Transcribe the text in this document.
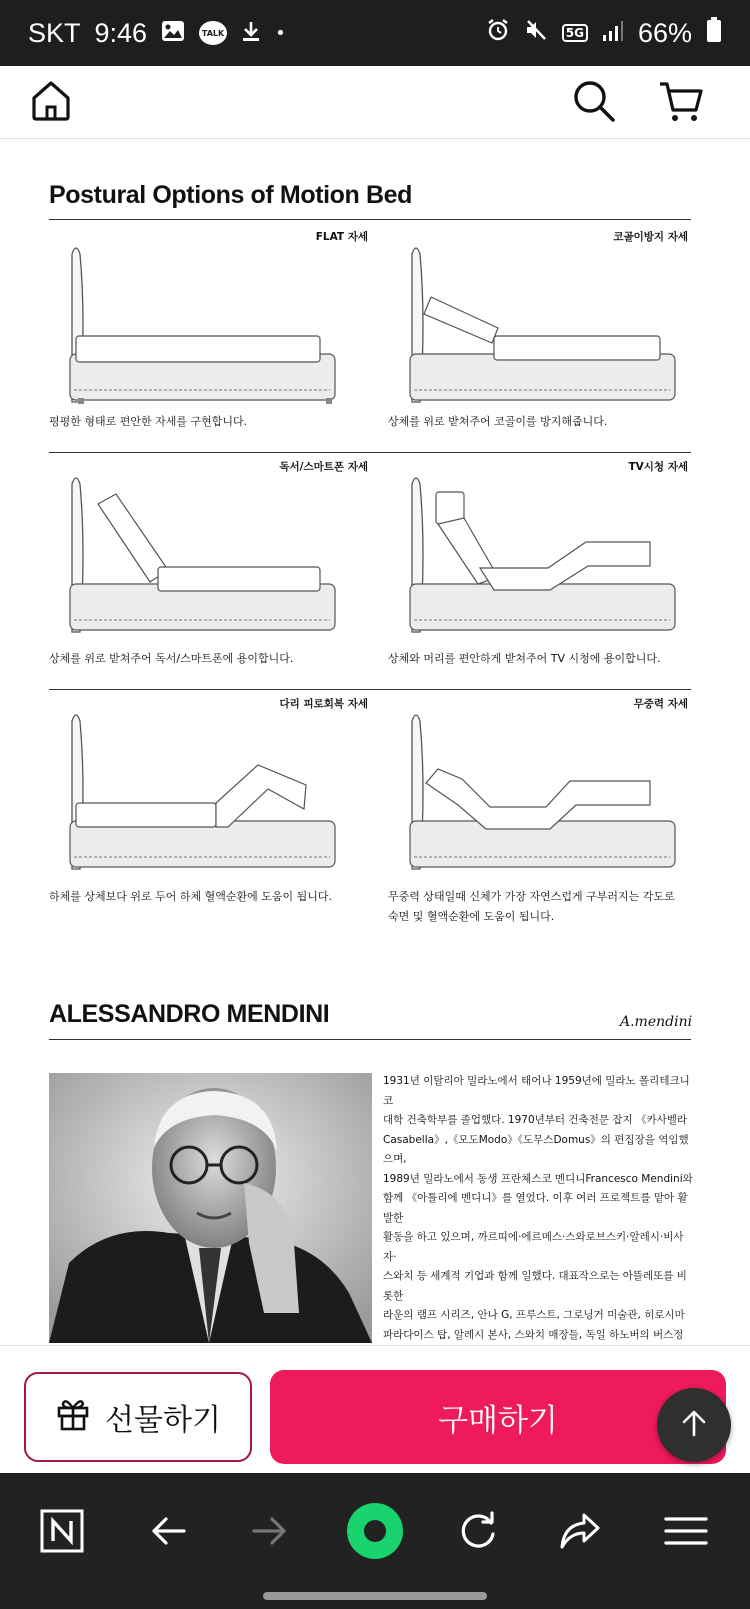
SKT 9:46	TALK	•	5G 66%
Postural Options of Motion Bed
FLAT 자세
평평한 형태로 편안한 자세를 구현합니다.
코골이방지 자세
상체를 위로 받쳐주어 코골이를 방지해줍니다.
독서/스마트폰 자세
상체를 위로 받쳐주어 독서/스마트폰에 용이합니다.
TV시청 자세
상체와 머리를 편안하게 받쳐주어 TV 시청에 용이합니다.
다리 피로회복 자세
하체를 상체보다 위로 두어 하체 혈액순환에 도움이 됩니다.
무중력 자세
무중력 상태일때 신체가 가장 자연스럽게 구부러지는 각도로
숙면 및 혈액순환에 도움이 됩니다.
ALESSANDRO MENDINI	A.mendini
1931년 이탈리아 밀라노에서 태어나 1959년에 밀라노 폴리테크니코
대학 건축학부를 졸업했다. 1970년부터 건축전문 잡지 《카사벨라
Casabella》,《모도Modo》《도무스Domus》의 편집장을 역임했으며,
1989년 밀라노에서 동생 프란체스코 멘디니Francesco Mendini와
함께 《아틀리에 멘디니》를 열었다. 이후 여러 프로젝트를 맡아 활발한
활동을 하고 있으며, 까르띠에·에르메스·스와로브스키·알레시·비사자·
스와치 등 세계적 기업과 함께 일했다. 대표작으로는 아뜰레또를 비롯한
라운의 램프 시리즈, 안나 G, 프루스트, 그로닝거 미술관, 히로시마
파라다이스 탑, 알레시 본사, 스와치 매장들, 독일 하노버의 버스정
선물하기	구매하기
